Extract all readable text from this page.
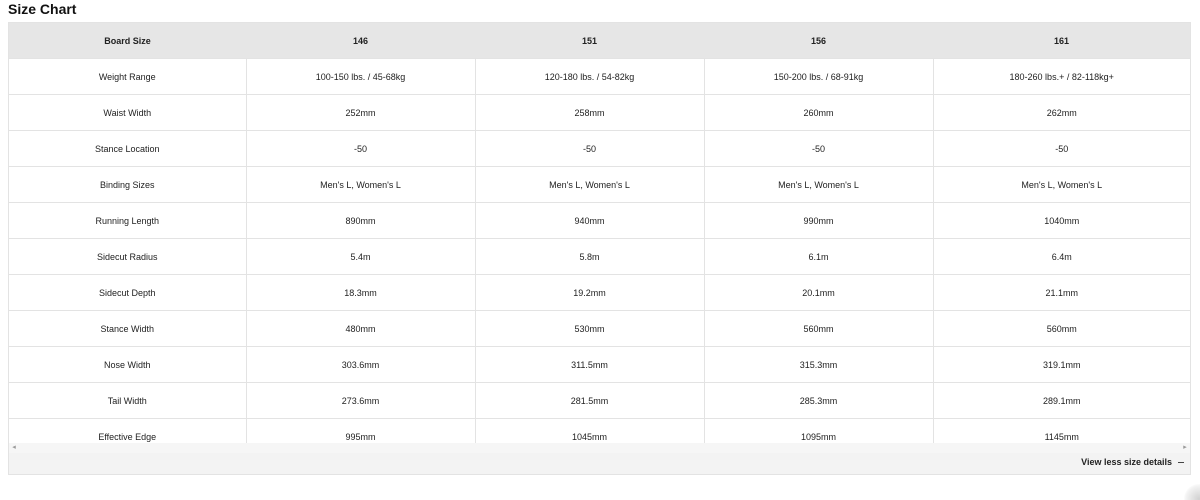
Size Chart
Board Size	146	151	156	161
Weight Range	100-150 lbs. / 45-68kg	120-180 lbs. / 54-82kg	150-200 lbs. / 68-91kg	180-260 lbs.+ / 82-118kg+
Waist Width	252mm	258mm	260mm	262mm
Stance Location	-50	-50	-50	-50
Binding Sizes	Men's L, Women's L	Men's L, Women's L	Men's L, Women's L	Men's L, Women's L
Running Length	890mm	940mm	990mm	1040mm
Sidecut Radius	5.4m	5.8m	6.1m	6.4m
Sidecut Depth	18.3mm	19.2mm	20.1mm	21.1mm
Stance Width	480mm	530mm	560mm	560mm
Nose Width	303.6mm	311.5mm	315.3mm	319.1mm
Tail Width	273.6mm	281.5mm	285.3mm	289.1mm
Effective Edge	995mm	1045mm	1095mm	1145mm
◂	▸
View less size details
